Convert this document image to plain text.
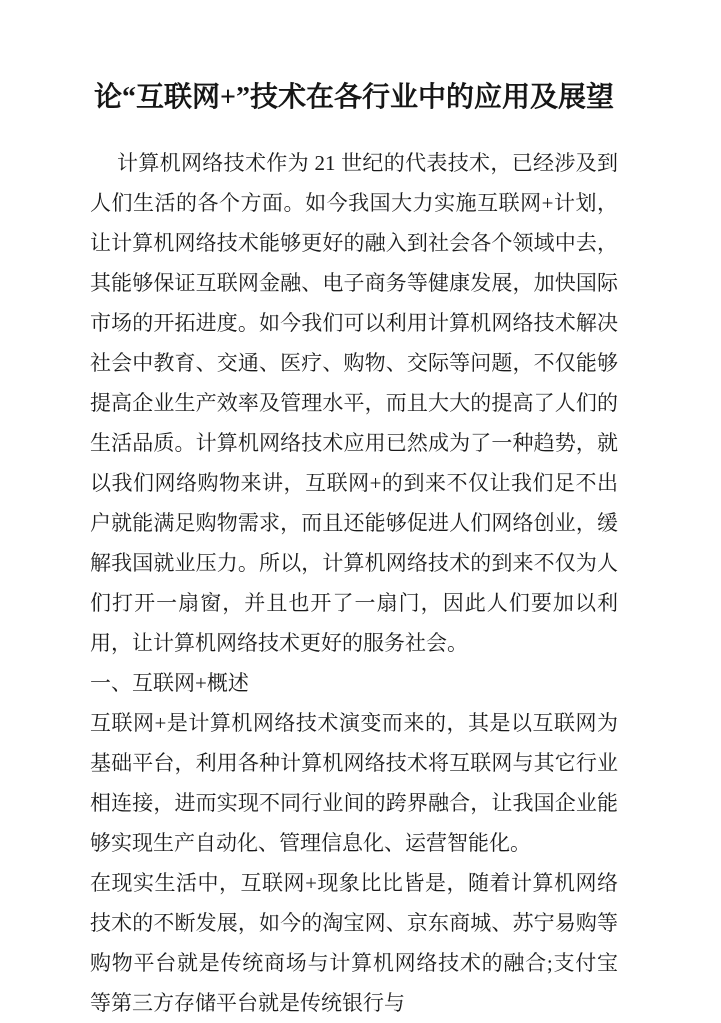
论“互联网+”技术在各行业中的应用及展望

计算机网络技术作为 21 世纪的代表技术，已经涉及到人们生活的各个方面。如今我国大力实施互联网+计划，让计算机网络技术能够更好的融入到社会各个领域中去，其能够保证互联网金融、电子商务等健康发展，加快国际市场的开拓进度。如今我们可以利用计算机网络技术解决社会中教育、交通、医疗、购物、交际等问题，不仅能够提高企业生产效率及管理水平，而且大大的提高了人们的生活品质。计算机网络技术应用已然成为了一种趋势，就以我们网络购物来讲，互联网+的到来不仅让我们足不出户就能满足购物需求，而且还能够促进人们网络创业，缓解我国就业压力。所以，计算机网络技术的到来不仅为人们打开一扇窗，并且也开了一扇门，因此人们要加以利用，让计算机网络技术更好的服务社会。

一、互联网+概述

互联网+是计算机网络技术演变而来的，其是以互联网为基础平台，利用各种计算机网络技术将互联网与其它行业相连接，进而实现不同行业间的跨界融合，让我国企业能够实现生产自动化、管理信息化、运营智能化。

在现实生活中，互联网+现象比比皆是，随着计算机网络技术的不断发展，如今的淘宝网、京东商城、苏宁易购等购物平台就是传统商场与计算机网络技术的融合;支付宝等第三方存储平台就是传统银行与
